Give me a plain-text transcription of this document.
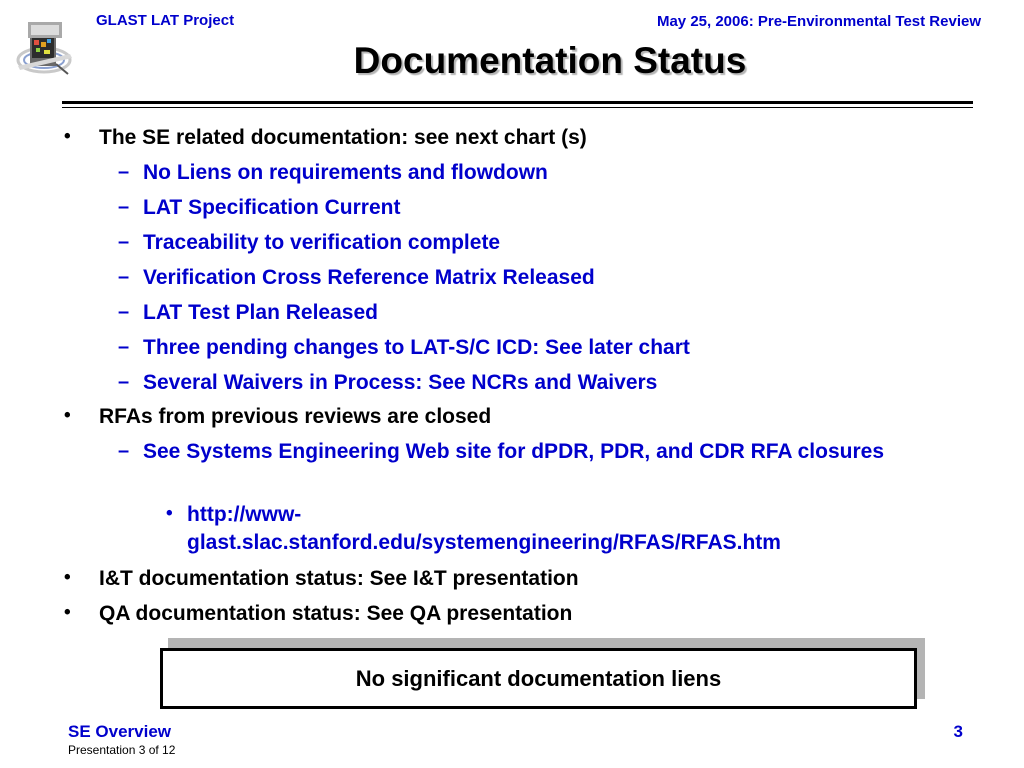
GLAST LAT Project	May 25, 2006: Pre-Environmental Test Review
Documentation Status
•
–
–
–
–
–
–
–
•
–
•
•
•
The SE related documentation: see next chart (s)
No Liens on requirements and flowdown
LAT Specification Current
Traceability to verification complete
Verification Cross Reference Matrix Released
LAT Test Plan Released
Three pending changes to LAT-S/C ICD: See later chart
Several Waivers in Process: See NCRs and Waivers
RFAs from previous reviews are closed
See Systems Engineering Web site for dPDR, PDR, and CDR RFA closures
http://www-glast.slac.stanford.edu/systemengineering/RFAS/RFAS.htm
I&T documentation status: See I&T presentation
QA documentation status: See QA presentation
No significant documentation liens
SE Overview
Presentation 3 of 12
3
